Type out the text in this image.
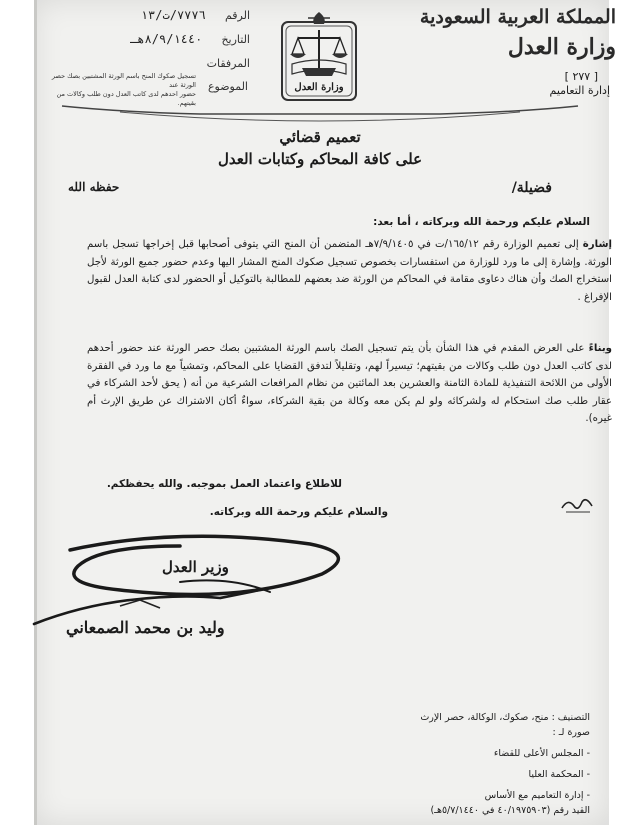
المملكة العربية السعودية
وزارة العدل
[ ٢٧٧ ]
إدارة التعاميم
وزارة العدل
الرقم ٧٧٧٦/ت/١٣
التاريخ ٨/٩/١٤٤٠هـ
المرفقات
الموضوع
تسجيل صكوك المنح باسم الورثة المشتبين بصك حصر الورثة عند
حضور احدهم لدى كاتب العدل دون طلب وكالات من بقيتهم.
تعميم قضائي
على كافة المحاكم وكتابات العدل
فضيلة/
حفظه الله
السلام عليكم ورحمة الله وبركاته ، أما بعد:
إشارة إلى تعميم الوزارة رقم ١٦٥/١٢/ت في ٧/٩/١٤٠٥هـ المتضمن أن المنح التي يتوفى أصحابها قبل إخراجها تسجل باسم الورثة. وإشارة إلى ما ورد للوزارة من استفسارات بخصوص تسجيل صكوك المنح المشار اليها وعدم حضور جميع الورثة لأجل استخراج الصك وأن هناك دعاوى مقامة في المحاكم من الورثة ضد بعضهم للمطالبة بالتوكيل أو الحضور لدى كتابة العدل لقبول الإفراغ .
وبناءً على العرض المقدم في هذا الشأن بأن يتم تسجيل الصك باسم الورثة المشتبين بصك حصر الورثة عند حضور أحدهم لدى كاتب العدل دون طلب وكالات من بقيتهم؛ تيسيراً لهم، وتقليلاً لتدفق القضايا على المحاكم، وتمشياً مع ما ورد في الفقرة الأولى من اللائحة التنفيذية للمادة الثامنة والعشرين بعد المائتين من نظام المرافعات الشرعية من أنه ( يحق لأحد الشركاء في عقار طلب صك استحكام له ولشركائه ولو لم يكن معه وكالة من بقية الشركاء، سواءٌ أكان الاشتراك عن طريق الإرث أم غيره).
للاطلاع واعتماد العمل بموجبه. والله يحفظكم.
والسلام عليكم ورحمة الله وبركاته.
وزير العدل
وليد بن محمد الصمعاني
التصنيف : منح، صكوك، الوكالة، حصر الإرث
صورة لـ :
- المجلس الأعلى للقضاء
- المحكمة العليا
- إدارة التعاميم مع الأساس
القيد رقم (٤٠/١٩٧٥٩٠٣ في ٥/٧/١٤٤٠هـ)
